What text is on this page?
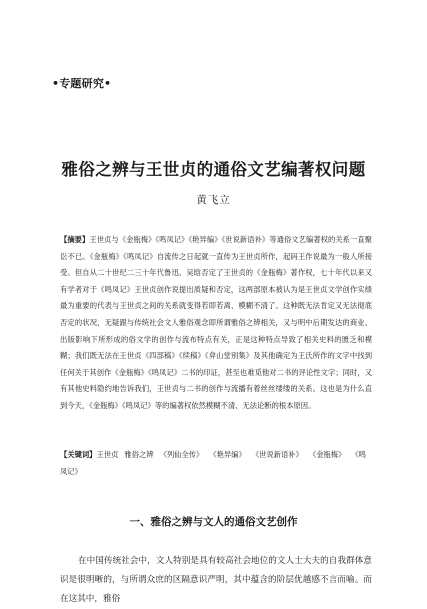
•专题研究•
雅俗之辨与王世贞的通俗文艺编著权问题
黄飞立
【摘要】王世贞与《金瓶梅》《鸣凤记》《艳异编》《世说新语补》等通俗文艺编著权的关系一直聚讼不已。《金瓶梅》《鸣凤记》自流传之日起就一直传为王世贞所作，起码王作说最为一般人所接受。但自从二十世纪二三十年代鲁迅、吴晗否定了王世贞的《金瓶梅》著作权，七十年代以来又有学者对于《鸣凤记》王世贞创作说提出质疑和否定，这两部原本被认为是王世贞文学创作实绩最为重要的代表与王世贞之间的关系就变得若即若离、模糊不清了。这种既无法肯定又无法彻底否定的状况，无疑跟与传统社会文人雅俗观念即所谓雅俗之辨相关，又与明中后期发达的商业、出版影响下所形成的俗文学的创作与流布特点有关，正是这种特点导致了相关史料的匮乏和模糊；我们既无法在王世贞《四部稿》《续稿》《弇山堂别集》及其他确定为王氏所作的文字中找到任何关于其创作《金瓶梅》《鸣凤记》二书的印证，甚至也难觅他对二书的评论性文字；同时，又有其他史料隐约地告诉我们，王世贞与二书的创作与流播有着丝丝缕缕的关系。这也是为什么直到今天，《金瓶梅》《鸣凤记》等的编著权依然模糊不清、无法论断的根本原因。
【关键词】王世贞 雅俗之辨 《列仙全传》 《艳异编》 《世说新语补》 《金瓶梅》 《鸣凤记》
一、雅俗之辨与文人的通俗文艺创作
在中国传统社会中，文人特别是具有较高社会地位的文人士大夫的自我群体意识是很明晰的，与所谓众庶的区隔意识严明，其中蕴含的阶层优越感不言而喻。而在这其中，雅俗
